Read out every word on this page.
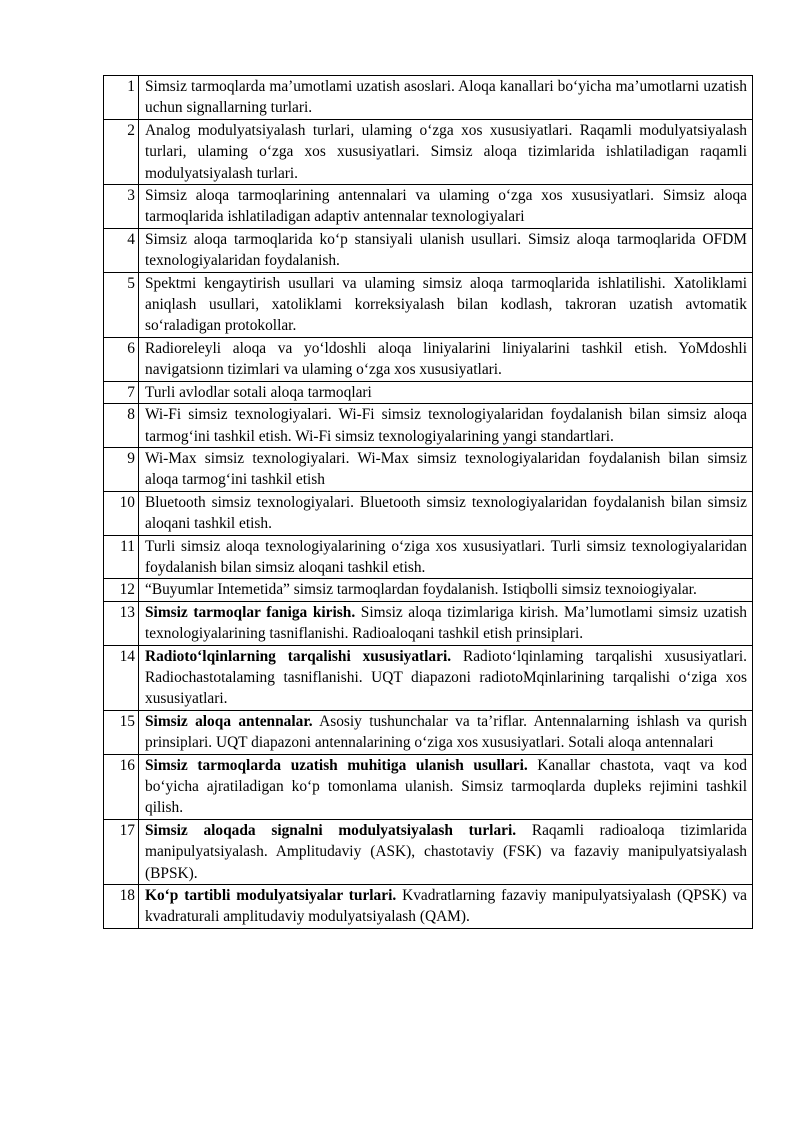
1	Simsiz tarmoqlarda ma’umotlami uzatish asoslari. Aloqa kanallari bo‘yicha ma’umotlarni uzatish uchun signallarning turlari.
2	Analog modulyatsiyalash turlari, ulaming o‘zga xos xususiyatlari. Raqamli modulyatsiyalash turlari, ulaming o‘zga xos xususiyatlari. Simsiz aloqa tizimlarida ishlatiladigan raqamli modulyatsiyalash turlari.
3	Simsiz aloqa tarmoqlarining antennalari va ulaming o‘zga xos xususiyatlari. Simsiz aloqa tarmoqlarida ishlatiladigan adaptiv antennalar texnologiyalari
4	Simsiz aloqa tarmoqlarida ko‘p stansiyali ulanish usullari. Simsiz aloqa tarmoqlarida OFDM texnologiyalaridan foydalanish.
5	Spektmi kengaytirish usullari va ulaming simsiz aloqa tarmoqlarida ishlatilishi. Xatoliklami aniqlash usullari, xatoliklami korreksiyalash bilan kodlash, takroran uzatish avtomatik so‘raladigan protokollar.
6	Radioreleyli aloqa va yo‘ldoshli aloqa liniyalarini liniyalarini tashkil etish. YoMdoshli navigatsionn tizimlari va ulaming o‘zga xos xususiyatlari.
7	Turli avlodlar sotali aloqa tarmoqlari
8	Wi-Fi simsiz texnologiyalari. Wi-Fi simsiz texnologiyalaridan foydalanish bilan simsiz aloqa tarmog‘ini tashkil etish. Wi-Fi simsiz texnologiyalarining yangi standartlari.
9	Wi-Max simsiz texnologiyalari. Wi-Max simsiz texnologiyalaridan foydalanish bilan simsiz aloqa tarmog‘ini tashkil etish
10	Bluetooth simsiz texnologiyalari. Bluetooth simsiz texnologiyalaridan foydalanish bilan simsiz aloqani tashkil etish.
11	Turli simsiz aloqa texnologiyalarining o‘ziga xos xususiyatlari. Turli simsiz texnologiyalaridan foydalanish bilan simsiz aloqani tashkil etish.
12	“Buyumlar Intemetida” simsiz tarmoqlardan foydalanish. Istiqbolli simsiz texnoiogiyalar.
13	Simsiz tarmoqlar faniga kirish. Simsiz aloqa tizimlariga kirish. Ma’lumotlami simsiz uzatish texnologiyalarining tasniflanishi. Radioaloqani tashkil etish prinsiplari.
14	Radioto‘lqinlarning tarqalishi xususiyatlari. Radioto‘lqinlaming tarqalishi xususiyatlari. Radiochastotalaming tasniflanishi. UQT diapazoni radiotoMqinlarining tarqalishi o‘ziga xos xususiyatlari.
15	Simsiz aloqa antennalar. Asosiy tushunchalar va ta’riflar. Antennalarning ishlash va qurish prinsiplari. UQT diapazoni antennalarining o‘ziga xos xususiyatlari. Sotali aloqa antennalari
16	Simsiz tarmoqlarda uzatish muhitiga ulanish usullari. Kanallar chastota, vaqt va kod bo‘yicha ajratiladigan ko‘p tomonlama ulanish. Simsiz tarmoqlarda dupleks rejimini tashkil qilish.
17	Simsiz aloqada signalni modulyatsiyalash turlari. Raqamli radioaloqa tizimlarida manipulyatsiyalash. Amplitudaviy (ASK), chastotaviy (FSK) va fazaviy manipulyatsiyalash (BPSK).
18	Ko‘p tartibli modulyatsiyalar turlari. Kvadratlarning fazaviy manipulyatsiyalash (QPSK) va kvadraturali amplitudaviy modulyatsiyalash (QAM).
